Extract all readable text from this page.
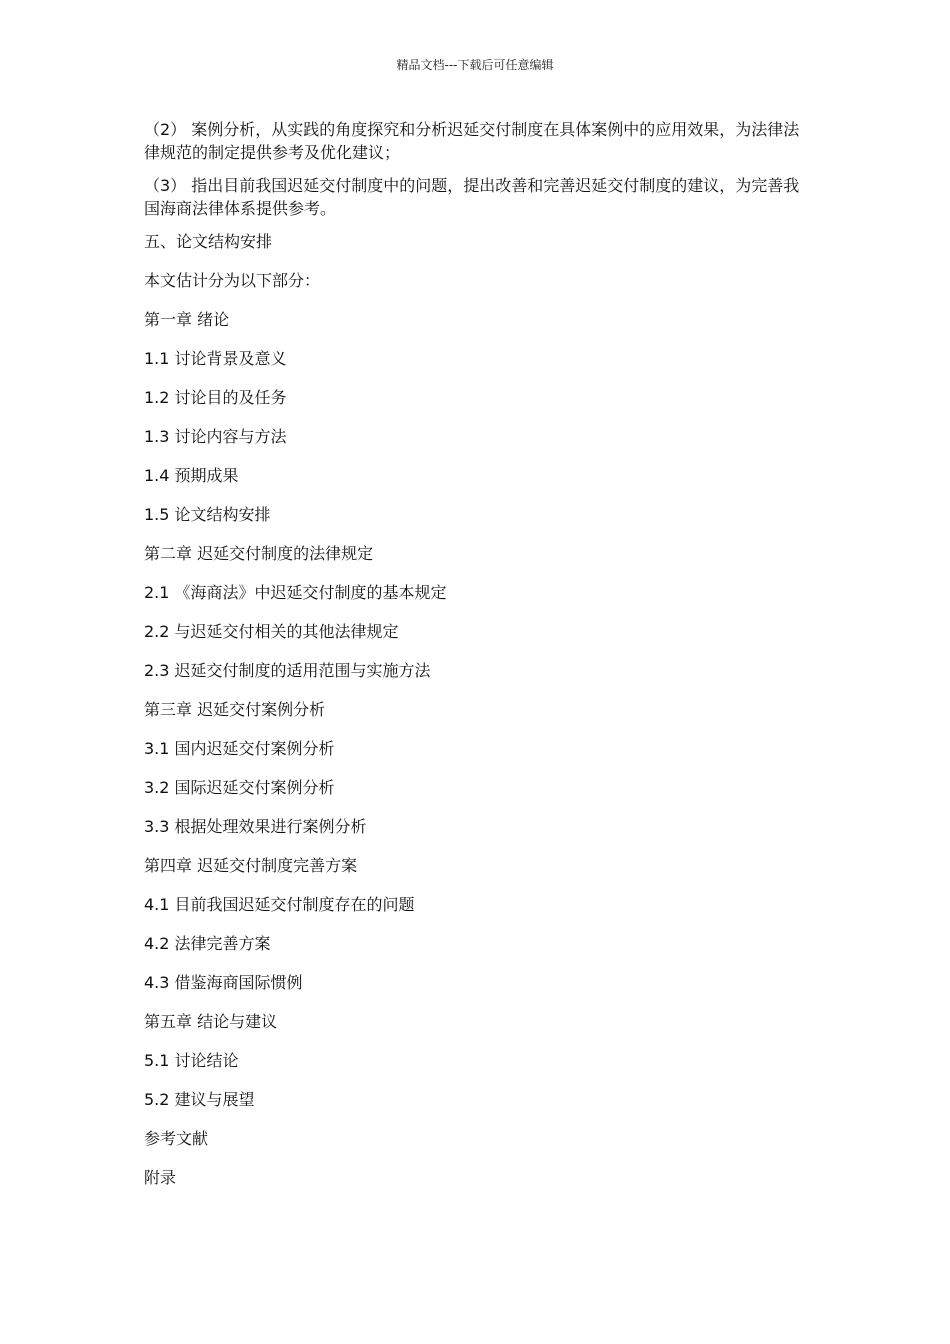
精品文档---下载后可任意编辑

（2） 案例分析，从实践的角度探究和分析迟延交付制度在具体案例中的应用效果，为法律法律规范的制定提供参考及优化建议；

（3） 指出目前我国迟延交付制度中的问题，提出改善和完善迟延交付制度的建议，为完善我国海商法律体系提供参考。

五、论文结构安排

本文估计分为以下部分：

第一章 绪论

1.1 讨论背景及意义

1.2 讨论目的及任务

1.3 讨论内容与方法

1.4 预期成果

1.5 论文结构安排

第二章 迟延交付制度的法律规定

2.1 《海商法》中迟延交付制度的基本规定

2.2 与迟延交付相关的其他法律规定

2.3 迟延交付制度的适用范围与实施方法

第三章 迟延交付案例分析

3.1 国内迟延交付案例分析

3.2 国际迟延交付案例分析

3.3 根据处理效果进行案例分析

第四章 迟延交付制度完善方案

4.1 目前我国迟延交付制度存在的问题

4.2 法律完善方案

4.3 借鉴海商国际惯例

第五章 结论与建议

5.1 讨论结论

5.2 建议与展望

参考文献

附录
